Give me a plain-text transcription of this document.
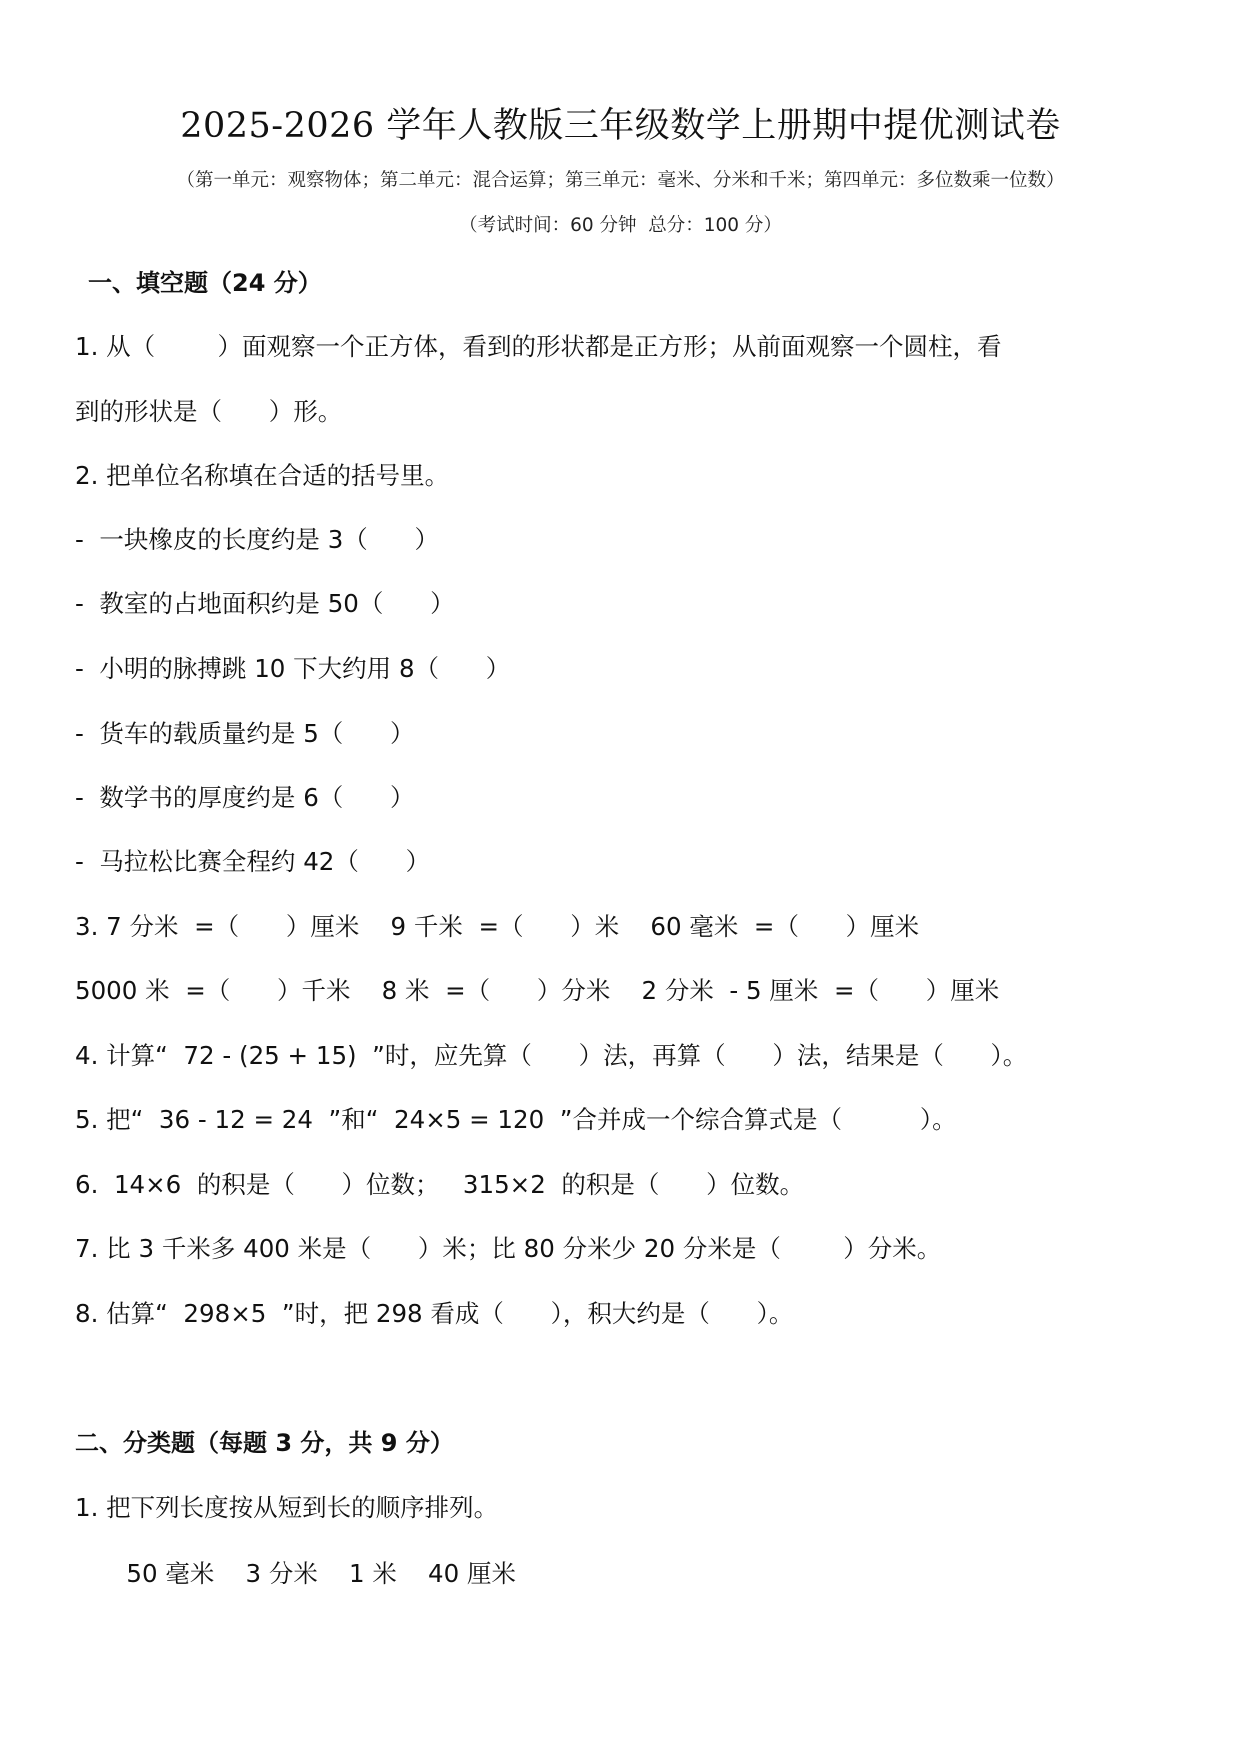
2025-2026 学年人教版三年级数学上册期中提优测试卷
（第一单元：观察物体；第二单元：混合运算；第三单元：毫米、分米和千米；第四单元：多位数乘一位数）
（考试时间：60 分钟  总分：100 分）
一、填空题（24 分）
1. 从（        ）面观察一个正方体，看到的形状都是正方形；从前面观察一个圆柱，看
到的形状是（      ）形。
2. 把单位名称填在合适的括号里。
-  一块橡皮的长度约是 3（      ）
-  教室的占地面积约是 50（      ）
-  小明的脉搏跳 10 下大约用 8（      ）
-  货车的载质量约是 5（      ）
-  数学书的厚度约是 6（      ）
-  马拉松比赛全程约 42（      ）
3. 7 分米  =（      ）厘米    9 千米  =（      ）米    60 毫米  =（      ）厘米
5000 米  =（      ）千米    8 米  =（      ）分米    2 分米  - 5 厘米  =（      ）厘米
4. 计算“  72 - (25 + 15)  ”时，应先算（      ）法，再算（      ）法，结果是（      ）。
5. 把“  36 - 12 = 24  ”和“  24×5 = 120  ”合并成一个综合算式是（          ）。
6.  14×6  的积是（      ）位数；   315×2  的积是（      ）位数。
7. 比 3 千米多 400 米是（      ）米；比 80 分米少 20 分米是（        ）分米。
8. 估算“  298×5  ”时，把 298 看成（      ），积大约是（      ）。
二、分类题（每题 3 分，共 9 分）
1. 把下列长度按从短到长的顺序排列。
50 毫米    3 分米    1 米    40 厘米
